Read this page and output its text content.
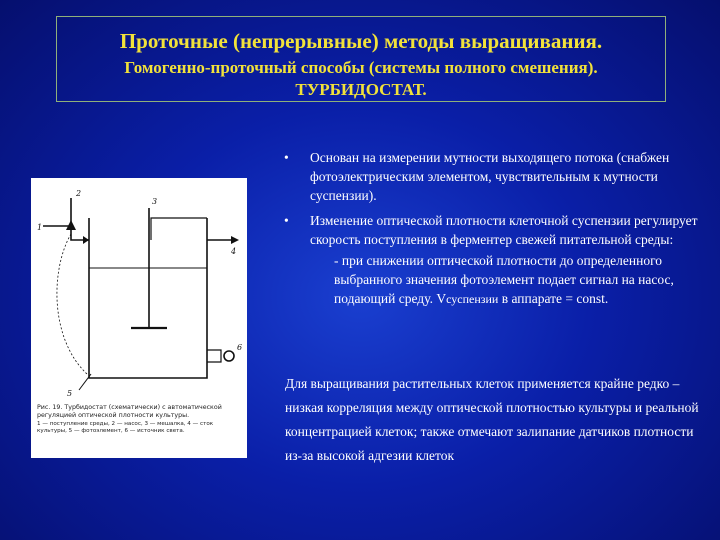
Проточные (непрерывные) методы выращивания.
Гомогенно-проточный способы (системы полного смешения).
ТУРБИДОСТАТ.
1
2
3
4
5
6
Рис. 19. Турбидостат (схематически) с автоматической регуляцией оптической плотности культуры.
1 — поступление среды, 2 — насос, 3 — мешалка, 4 — сток культуры, 5 — фотоэлемент, 6 — источник света.
• Основан на измерении мутности выходящего потока (снабжен фотоэлектрическим элементом, чувствительным к мутности суспензии).
• Изменение оптической плотности клеточной суспензии регулирует скорость поступления в ферментер свежей питательной среды:
- при снижении оптической плотности до определенного выбранного значения фотоэлемент подает сигнал на насос, подающий среду. Vсуспензии в аппарате = const.
Для выращивания растительных клеток применяется крайне редко – низкая корреляция между оптической плотностью культуры и реальной концентрацией клеток; также отмечают залипание датчиков плотности из-за высокой адгезии клеток
